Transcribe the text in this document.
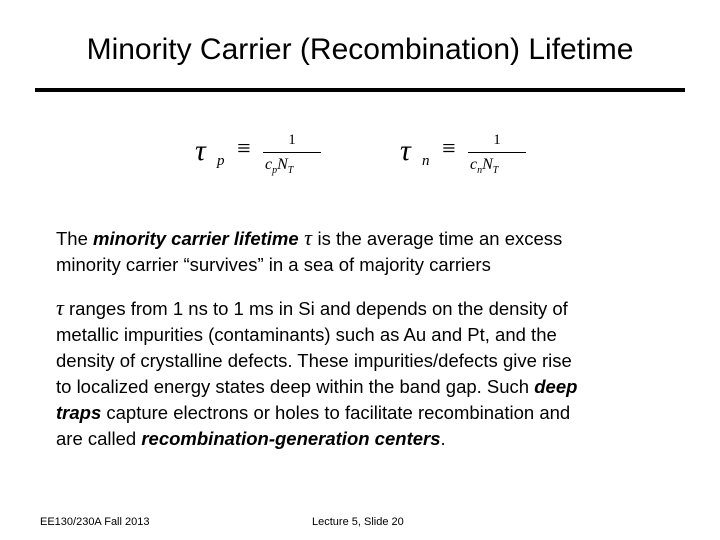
Minority Carrier (Recombination) Lifetime
τ p ≡	1
$c_pN_T$
τ n ≡	1
$c_nN_T$

The minority carrier lifetime τ is the average time an excess
minority carrier “survives” in a sea of majority carriers

τ ranges from 1 ns to 1 ms in Si and depends on the density of
metallic impurities (contaminants) such as Au and Pt, and the
density of crystalline defects. These impurities/defects give rise
to localized energy states deep within the band gap. Such deep
traps capture electrons or holes to facilitate recombination and
are called recombination-generation centers.

EE130/230A Fall 2013	Lecture 5, Slide 20
